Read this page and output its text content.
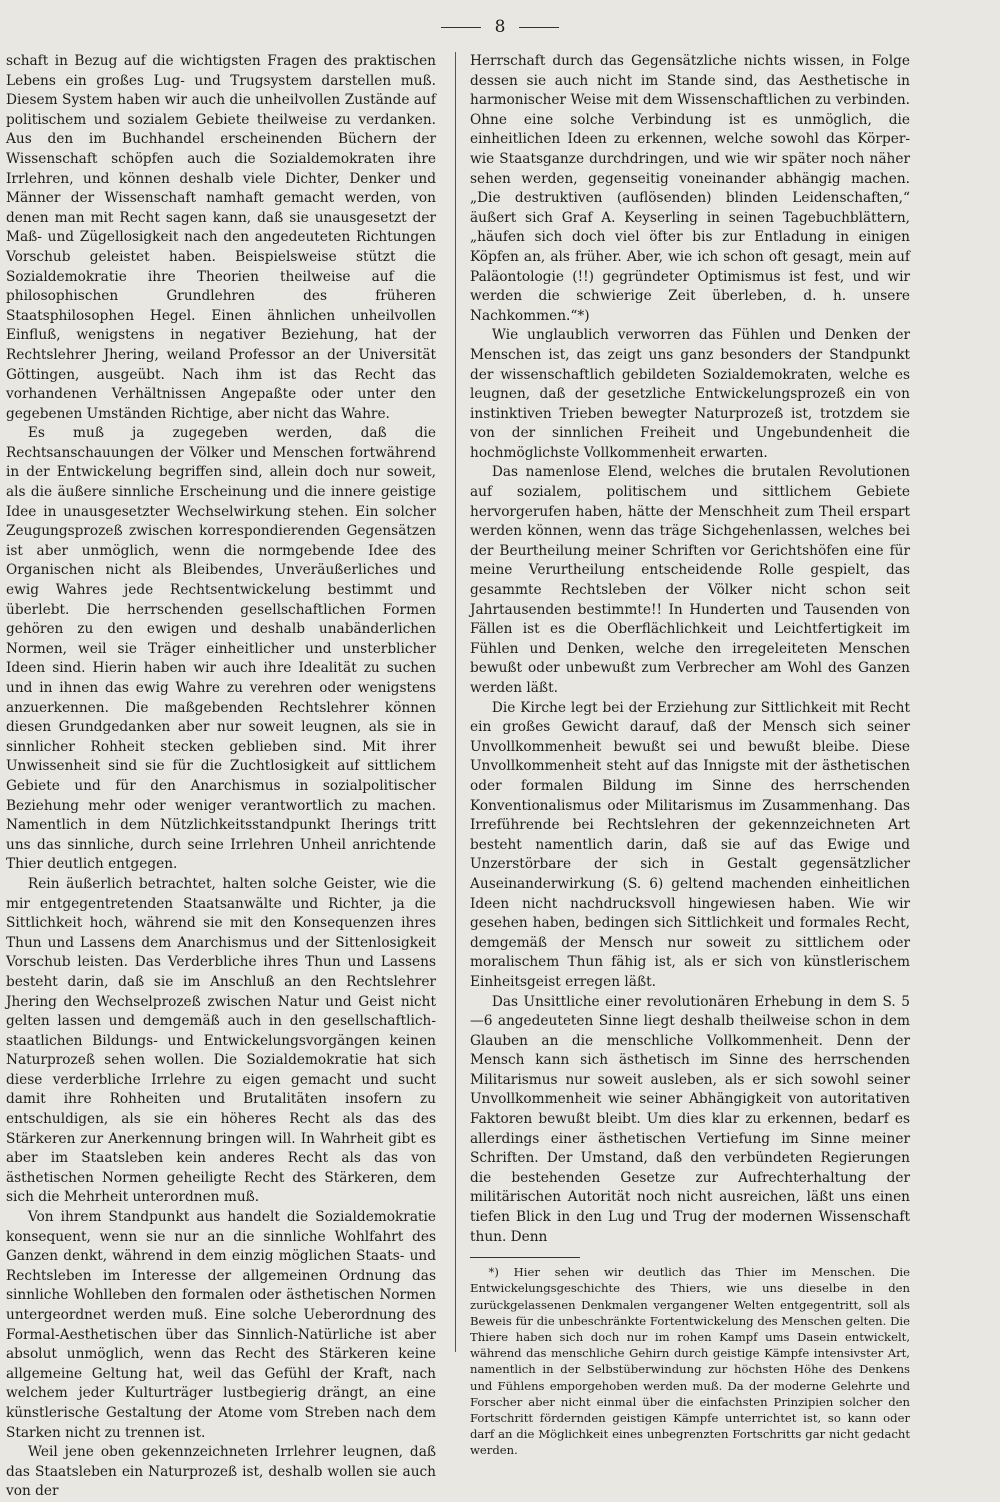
8

schaft in Bezug auf die wichtigsten Fragen des praktischen Lebens ein großes Lug- und Trugsystem darstellen muß. Diesem System haben wir auch die unheilvollen Zustände auf politischem und sozialem Gebiete theilweise zu verdanken. Aus den im Buchhandel erscheinenden Büchern der Wissenschaft schöpfen auch die Sozialdemokraten ihre Irrlehren, und können deshalb viele Dichter, Denker und Männer der Wissenschaft namhaft gemacht werden, von denen man mit Recht sagen kann, daß sie unausgesetzt der Maß- und Zügellosigkeit nach den angedeuteten Richtungen Vorschub geleistet haben. Beispielsweise stützt die Sozialdemokratie ihre Theorien theilweise auf die philosophischen Grundlehren des früheren Staatsphilosophen Hegel. Einen ähnlichen unheilvollen Einfluß, wenigstens in negativer Beziehung, hat der Rechtslehrer Jhering, weiland Professor an der Universität Göttingen, ausgeübt. Nach ihm ist das Recht das vorhandenen Verhältnissen Angepaßte oder unter den gegebenen Umständen Richtige, aber nicht das Wahre.

Es muß ja zugegeben werden, daß die Rechtsanschauungen der Völker und Menschen fortwährend in der Entwickelung begriffen sind, allein doch nur soweit, als die äußere sinnliche Erscheinung und die innere geistige Idee in unausgesetzter Wechselwirkung stehen. Ein solcher Zeugungsprozeß zwischen korrespondierenden Gegensätzen ist aber unmöglich, wenn die normgebende Idee des Organischen nicht als Bleibendes, Unveräußerliches und ewig Wahres jede Rechtsentwickelung bestimmt und überlebt. Die herrschenden gesellschaftlichen Formen gehören zu den ewigen und deshalb unabänderlichen Normen, weil sie Träger einheitlicher und unsterblicher Ideen sind. Hierin haben wir auch ihre Idealität zu suchen und in ihnen das ewig Wahre zu verehren oder wenigstens anzuerkennen. Die maßgebenden Rechtslehrer können diesen Grundgedanken aber nur soweit leugnen, als sie in sinnlicher Rohheit stecken geblieben sind. Mit ihrer Unwissenheit sind sie für die Zuchtlosigkeit auf sittlichem Gebiete und für den Anarchismus in sozialpolitischer Beziehung mehr oder weniger verantwortlich zu machen. Namentlich in dem Nützlichkeitsstandpunkt Iherings tritt uns das sinnliche, durch seine Irrlehren Unheil anrichtende Thier deutlich entgegen.

Rein äußerlich betrachtet, halten solche Geister, wie die mir entgegentretenden Staatsanwälte und Richter, ja die Sittlichkeit hoch, während sie mit den Konsequenzen ihres Thun und Lassens dem Anarchismus und der Sittenlosigkeit Vorschub leisten. Das Verderbliche ihres Thun und Lassens besteht darin, daß sie im Anschluß an den Rechtslehrer Jhering den Wechselprozeß zwischen Natur und Geist nicht gelten lassen und demgemäß auch in den gesellschaftlich-staatlichen Bildungs- und Entwickelungsvorgängen keinen Naturprozeß sehen wollen. Die Sozialdemokratie hat sich diese verderbliche Irrlehre zu eigen gemacht und sucht damit ihre Rohheiten und Brutalitäten insofern zu entschuldigen, als sie ein höheres Recht als das des Stärkeren zur Anerkennung bringen will. In Wahrheit gibt es aber im Staatsleben kein anderes Recht als das von ästhetischen Normen geheiligte Recht des Stärkeren, dem sich die Mehrheit unterordnen muß.

Von ihrem Standpunkt aus handelt die Sozialdemokratie konsequent, wenn sie nur an die sinnliche Wohlfahrt des Ganzen denkt, während in dem einzig möglichen Staats- und Rechtsleben im Interesse der allgemeinen Ordnung das sinnliche Wohlleben den formalen oder ästhetischen Normen untergeordnet werden muß. Eine solche Ueberordnung des Formal-Aesthetischen über das Sinnlich-Natürliche ist aber absolut unmöglich, wenn das Recht des Stärkeren keine allgemeine Geltung hat, weil das Gefühl der Kraft, nach welchem jeder Kulturträger lustbegierig drängt, an eine künstlerische Gestaltung der Atome vom Streben nach dem Starken nicht zu trennen ist.

Weil jene oben gekennzeichneten Irrlehrer leugnen, daß das Staatsleben ein Naturprozeß ist, deshalb wollen sie auch von der

Herrschaft durch das Gegensätzliche nichts wissen, in Folge dessen sie auch nicht im Stande sind, das Aesthetische in harmonischer Weise mit dem Wissenschaftlichen zu verbinden. Ohne eine solche Verbindung ist es unmöglich, die einheitlichen Ideen zu erkennen, welche sowohl das Körper- wie Staatsganze durchdringen, und wie wir später noch näher sehen werden, gegenseitig voneinander abhängig machen. „Die destruktiven (auflösenden) blinden Leidenschaften,“ äußert sich Graf A. Keyserling in seinen Tagebuchblättern, „häufen sich doch viel öfter bis zur Entladung in einigen Köpfen an, als früher. Aber, wie ich schon oft gesagt, mein auf Paläontologie (!!) gegründeter Optimismus ist fest, und wir werden die schwierige Zeit überleben, d. h. unsere Nachkommen.“*)

Wie unglaublich verworren das Fühlen und Denken der Menschen ist, das zeigt uns ganz besonders der Standpunkt der wissenschaftlich gebildeten Sozialdemokraten, welche es leugnen, daß der gesetzliche Entwickelungsprozeß ein von instinktiven Trieben bewegter Naturprozeß ist, trotzdem sie von der sinnlichen Freiheit und Ungebundenheit die hochmöglichste Vollkommenheit erwarten.

Das namenlose Elend, welches die brutalen Revolutionen auf sozialem, politischem und sittlichem Gebiete hervorgerufen haben, hätte der Menschheit zum Theil erspart werden können, wenn das träge Sichgehenlassen, welches bei der Beurtheilung meiner Schriften vor Gerichtshöfen eine für meine Verurtheilung entscheidende Rolle gespielt, das gesammte Rechtsleben der Völker nicht schon seit Jahrtausenden bestimmte!! In Hunderten und Tausenden von Fällen ist es die Oberflächlichkeit und Leichtfertigkeit im Fühlen und Denken, welche den irregeleiteten Menschen bewußt oder unbewußt zum Verbrecher am Wohl des Ganzen werden läßt.

Die Kirche legt bei der Erziehung zur Sittlichkeit mit Recht ein großes Gewicht darauf, daß der Mensch sich seiner Unvollkommenheit bewußt sei und bewußt bleibe. Diese Unvollkommenheit steht auf das Innigste mit der ästhetischen oder formalen Bildung im Sinne des herrschenden Konventionalismus oder Militarismus im Zusammenhang. Das Irreführende bei Rechtslehren der gekennzeichneten Art besteht namentlich darin, daß sie auf das Ewige und Unzerstörbare der sich in Gestalt gegensätzlicher Auseinanderwirkung (S. 6) geltend machenden einheitlichen Ideen nicht nachdrucksvoll hingewiesen haben. Wie wir gesehen haben, bedingen sich Sittlichkeit und formales Recht, demgemäß der Mensch nur soweit zu sittlichem oder moralischem Thun fähig ist, als er sich von künstlerischem Einheitsgeist erregen läßt.

Das Unsittliche einer revolutionären Erhebung in dem S. 5—6 angedeuteten Sinne liegt deshalb theilweise schon in dem Glauben an die menschliche Vollkommenheit. Denn der Mensch kann sich ästhetisch im Sinne des herrschenden Militarismus nur soweit ausleben, als er sich sowohl seiner Unvollkommenheit wie seiner Abhängigkeit von autoritativen Faktoren bewußt bleibt. Um dies klar zu erkennen, bedarf es allerdings einer ästhetischen Vertiefung im Sinne meiner Schriften. Der Umstand, daß den verbündeten Regierungen die bestehenden Gesetze zur Aufrechterhaltung der militärischen Autorität noch nicht ausreichen, läßt uns einen tiefen Blick in den Lug und Trug der modernen Wissenschaft thun. Denn

*) Hier sehen wir deutlich das Thier im Menschen. Die Entwickelungsgeschichte des Thiers, wie uns dieselbe in den zurückgelassenen Denkmalen vergangener Welten entgegentritt, soll als Beweis für die unbeschränkte Fortentwickelung des Menschen gelten. Die Thiere haben sich doch nur im rohen Kampf ums Dasein entwickelt, während das menschliche Gehirn durch geistige Kämpfe intensivster Art, namentlich in der Selbstüberwindung zur höchsten Höhe des Denkens und Fühlens emporgehoben werden muß. Da der moderne Gelehrte und Forscher aber nicht einmal über die einfachsten Prinzipien solcher den Fortschritt fördernden geistigen Kämpfe unterrichtet ist, so kann oder darf an die Möglichkeit eines unbegrenzten Fortschritts gar nicht gedacht werden.
